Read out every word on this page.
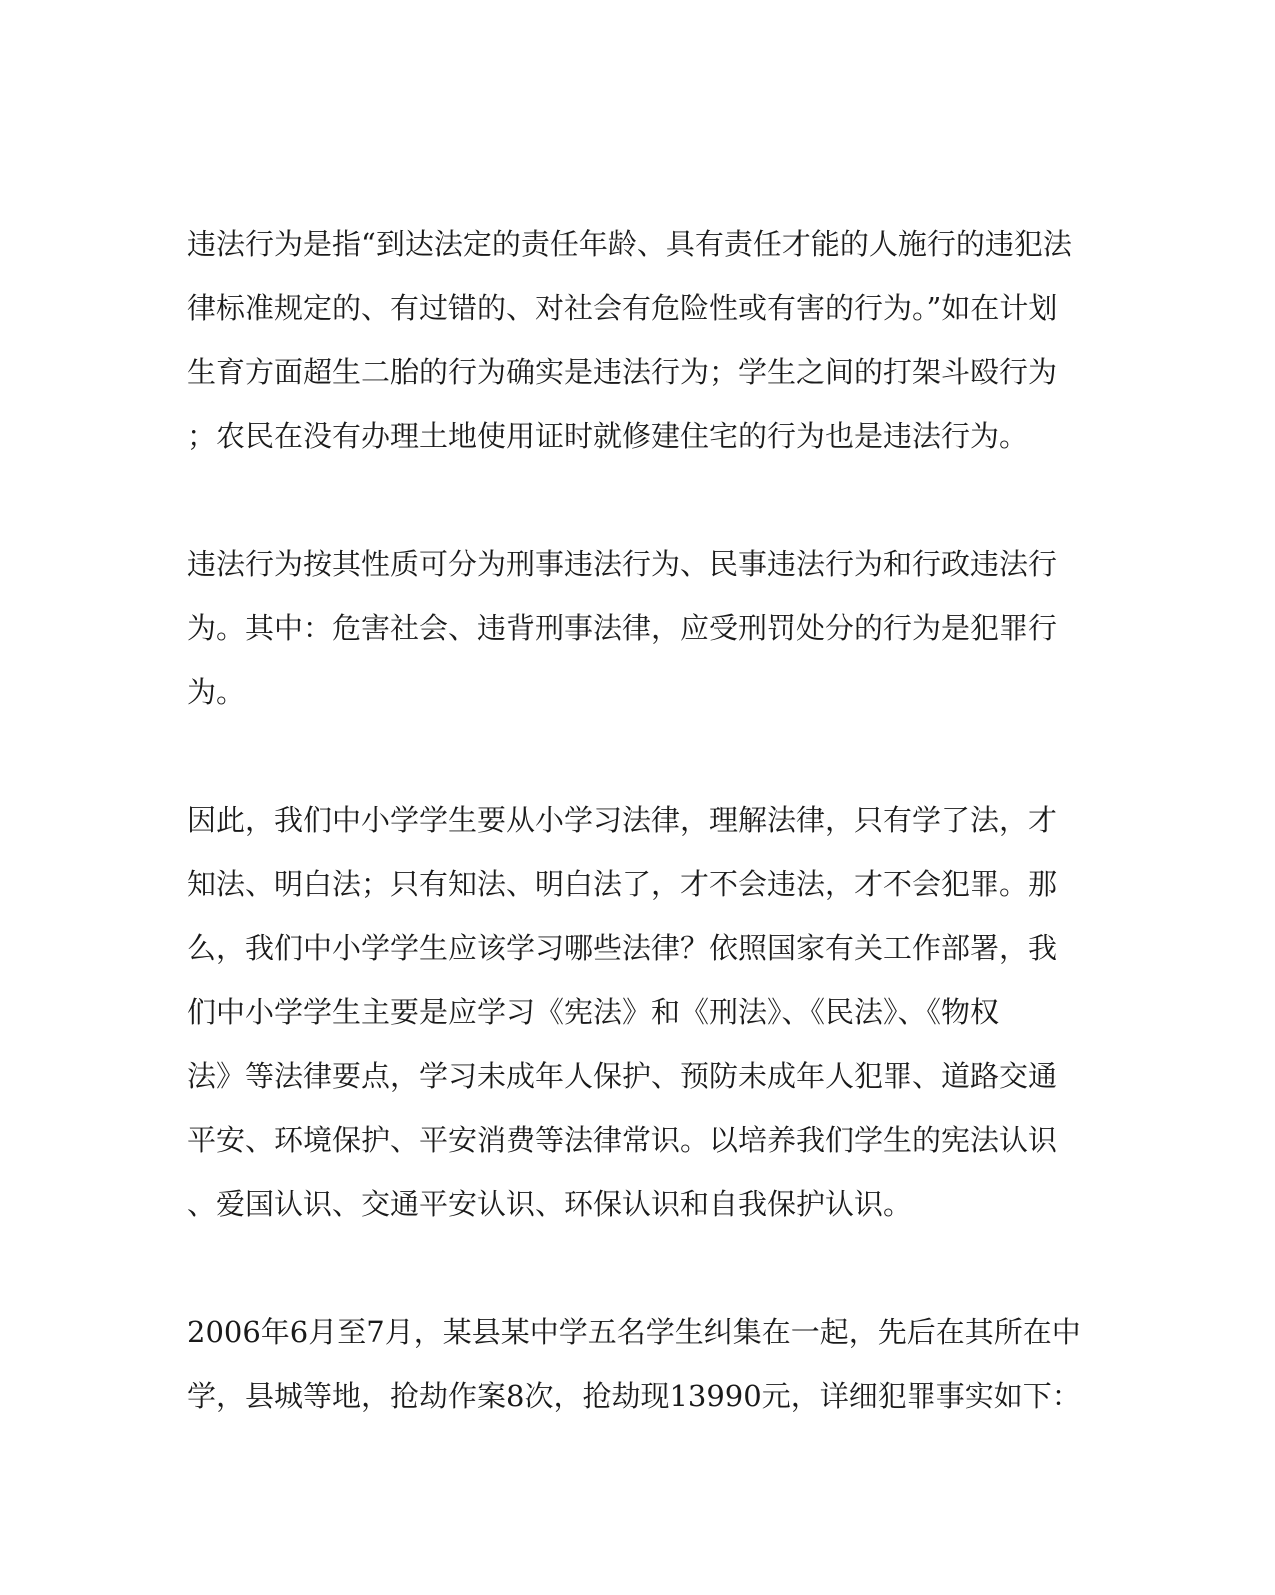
违法行为是指“到达法定的责任年龄、具有责任才能的人施行的违犯法
律标准规定的、有过错的、对社会有危险性或有害的行为。”如在计划
生育方面超生二胎的行为确实是违法行为；学生之间的打架斗殴行为
；农民在没有办理土地使用证时就修建住宅的行为也是违法行为。

违法行为按其性质可分为刑事违法行为、民事违法行为和行政违法行
为。其中：危害社会、违背刑事法律，应受刑罚处分的行为是犯罪行
为。

因此，我们中小学学生要从小学习法律，理解法律，只有学了法，才
知法、明白法；只有知法、明白法了，才不会违法，才不会犯罪。那
么，我们中小学学生应该学习哪些法律？依照国家有关工作部署，我
们中小学学生主要是应学习《宪法》和《刑法》、《民法》、《物权
法》等法律要点，学习未成年人保护、预防未成年人犯罪、道路交通
平安、环境保护、平安消费等法律常识。以培养我们学生的宪法认识
、爱国认识、交通平安认识、环保认识和自我保护认识。

2006年6月至7月，某县某中学五名学生纠集在一起，先后在其所在中
学，县城等地，抢劫作案8次，抢劫现13990元，详细犯罪事实如下：
